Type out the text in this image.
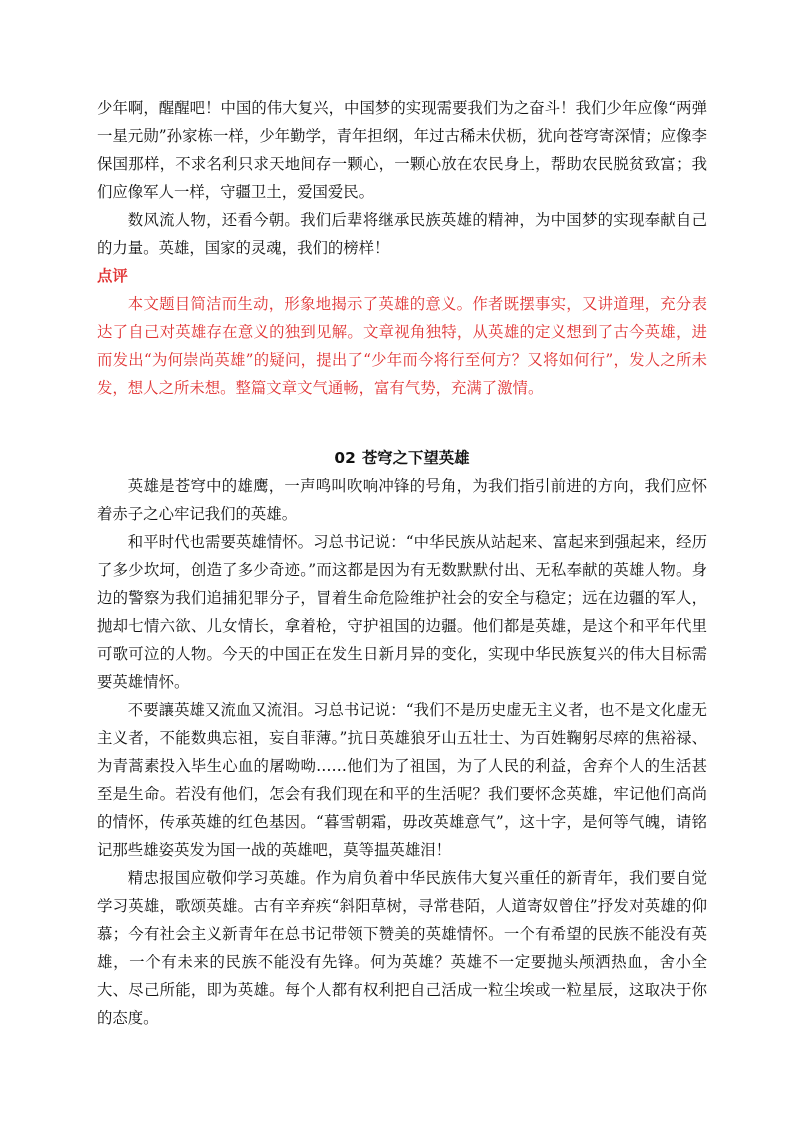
少年啊，醒醒吧！中国的伟大复兴，中国梦的实现需要我们为之奋斗！我们少年应像“两弹一星元勋”孙家栋一样，少年勤学，青年担纲，年过古稀未伏枥，犹向苍穹寄深情；应像李保国那样，不求名利只求天地间存一颗心，一颗心放在农民身上，帮助农民脱贫致富；我们应像军人一样，守疆卫土，爱国爱民。

数风流人物，还看今朝。我们后辈将继承民族英雄的精神，为中国梦的实现奉献自己的力量。英雄，国家的灵魂，我们的榜样！

点评

本文题目简洁而生动，形象地揭示了英雄的意义。作者既摆事实，又讲道理，充分表达了自己对英雄存在意义的独到见解。文章视角独特，从英雄的定义想到了古今英雄，进而发出“为何崇尚英雄”的疑问，提出了“少年而今将行至何方？又将如何行”，发人之所未发，想人之所未想。整篇文章文气通畅，富有气势，充满了激情。

02 苍穹之下望英雄

英雄是苍穹中的雄鹰，一声鸣叫吹响冲锋的号角，为我们指引前进的方向，我们应怀着赤子之心牢记我们的英雄。

和平时代也需要英雄情怀。习总书记说：“中华民族从站起来、富起来到强起来，经历了多少坎坷，创造了多少奇迹。”而这都是因为有无数默默付出、无私奉献的英雄人物。身边的警察为我们追捕犯罪分子，冒着生命危险维护社会的安全与稳定；远在边疆的军人，抛却七情六欲、儿女情长，拿着枪，守护祖国的边疆。他们都是英雄，是这个和平年代里可歌可泣的人物。今天的中国正在发生日新月异的变化，实现中华民族复兴的伟大目标需要英雄情怀。

不要讓英雄又流血又流泪。习总书记说：“我们不是历史虚无主义者，也不是文化虚无主义者，不能数典忘祖，妄自菲薄。”抗日英雄狼牙山五壮士、为百姓鞠躬尽瘁的焦裕禄、为青蒿素投入毕生心血的屠呦呦……他们为了祖国，为了人民的利益，舍弃个人的生活甚至是生命。若没有他们，怎会有我们现在和平的生活呢？我们要怀念英雄，牢记他们高尚的情怀，传承英雄的红色基因。“暮雪朝霜，毋改英雄意气”，这十字，是何等气魄，请铭记那些雄姿英发为国一战的英雄吧，莫等揾英雄泪！

精忠报国应敬仰学习英雄。作为肩负着中华民族伟大复兴重任的新青年，我们要自觉学习英雄，歌颂英雄。古有辛弃疾“斜阳草树，寻常巷陌，人道寄奴曾住”抒发对英雄的仰慕；今有社会主义新青年在总书记带领下赞美的英雄情怀。一个有希望的民族不能没有英雄，一个有未来的民族不能没有先锋。何为英雄？英雄不一定要抛头颅洒热血，舍小全大、尽己所能，即为英雄。每个人都有权利把自己活成一粒尘埃或一粒星辰，这取决于你的态度。
